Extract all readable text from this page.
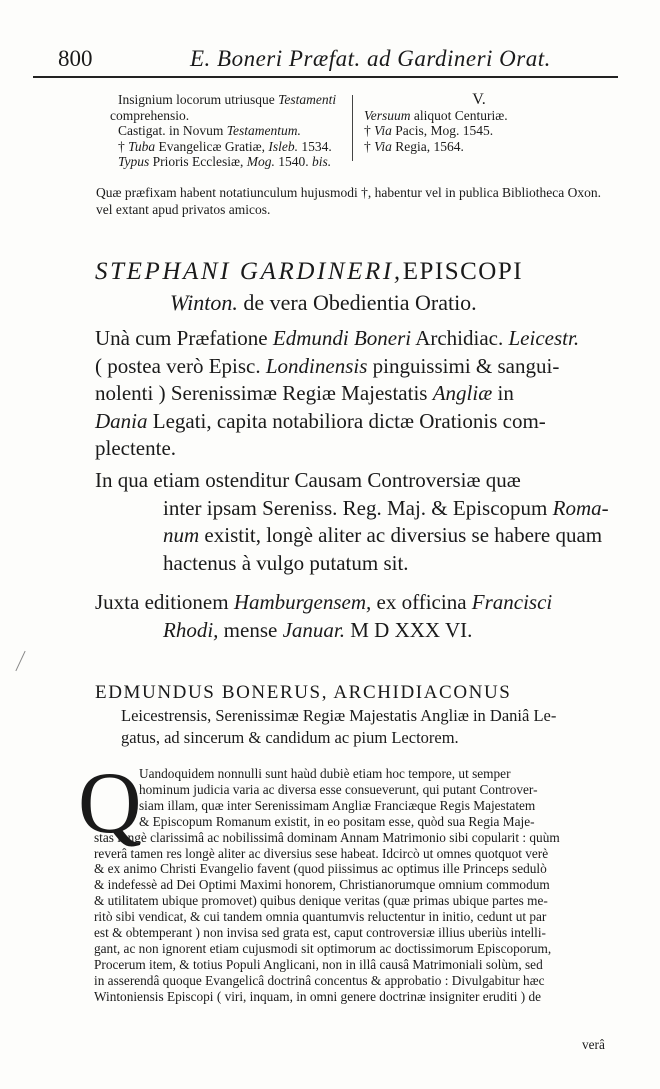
800	E. Boneri Præfat. ad Gardineri Orat.
Insignium locorum utriusque Testamenti
comprehensio.
Castigat. in Novum Testamentum.
† Tuba Evangelicæ Gratiæ, Isleb. 1534.
Typus Prioris Ecclesiæ, Mog. 1540. bis.
V.
Versuum aliquot Centuriæ.
† Via Pacis, Mog. 1545.
† Via Regia, 1564.
Quæ præfixam habent notatiunculum hujusmodi †, habentur vel in publica Bibliotheca Oxon. vel extant apud privatos amicos.
STEPHANI GARDINERI,EPISCOPI
Winton. de vera Obedientia Oratio.
Unà cum Præfatione Edmundi Boneri Archidiac. Leicestr.
( postea verò Episc. Londinensis pinguissimi & sangui-
nolenti ) Serenissimæ Regiæ Majestatis Angliæ in
Dania Legati, capita notabiliora dictæ Orationis com-
plectente.
In qua etiam ostenditur Causam Controversiæ quæ
inter ipsam Sereniss. Reg. Maj. & Episcopum Roma-
num existit, longè aliter ac diversius se habere quam
hactenus à vulgo putatum sit.
Juxta editionem Hamburgensem, ex officina Francisci
Rhodi, mense Januar. M D XXX VI.
EDMUNDUS BONERUS, ARCHIDIACONUS
Leicestrensis, Serenissimæ Regiæ Majestatis Angliæ in Daniâ Le-
gatus, ad sincerum & candidum ac pium Lectorem.
Q
Uandoquidem nonnulli sunt haùd dubiè etiam hoc tempore, ut semper
hominum judicia varia ac diversa esse consueverunt, qui putant Controver-
siam illam, quæ inter Serenissimam Angliæ Franciæque Regis Majestatem
& Episcopum Romanum existit, in eo positam esse, quòd sua Regia Maje-
stas longè clarissimâ ac nobilissimâ dominam Annam Matrimonio sibi copularit : quùm
reverâ tamen res longè aliter ac diversius sese habeat. Idcircò ut omnes quotquot verè
& ex animo Christi Evangelio favent (quod piissimus ac optimus ille Princeps sedulò
& indefessè ad Dei Optimi Maximi honorem, Christianorumque omnium commodum
& utilitatem ubique promovet) quibus denique veritas (quæ primas ubique partes me-
ritò sibi vendicat, & cui tandem omnia quantumvis reluctentur in initio, cedunt ut par
est & obtemperant ) non invisa sed grata est, caput controversiæ illius uberiùs intelli-
gant, ac non ignorent etiam cujusmodi sit optimorum ac doctissimorum Episcoporum,
Procerum item, & totius Populi Anglicani, non in illâ causâ Matrimoniali solùm, sed
in asserendâ quoque Evangelicâ doctrinâ concentus & approbatio : Divulgabitur hæc
Wintoniensis Episcopi ( viri, inquam, in omni genere doctrinæ insigniter eruditi ) de
verâ
